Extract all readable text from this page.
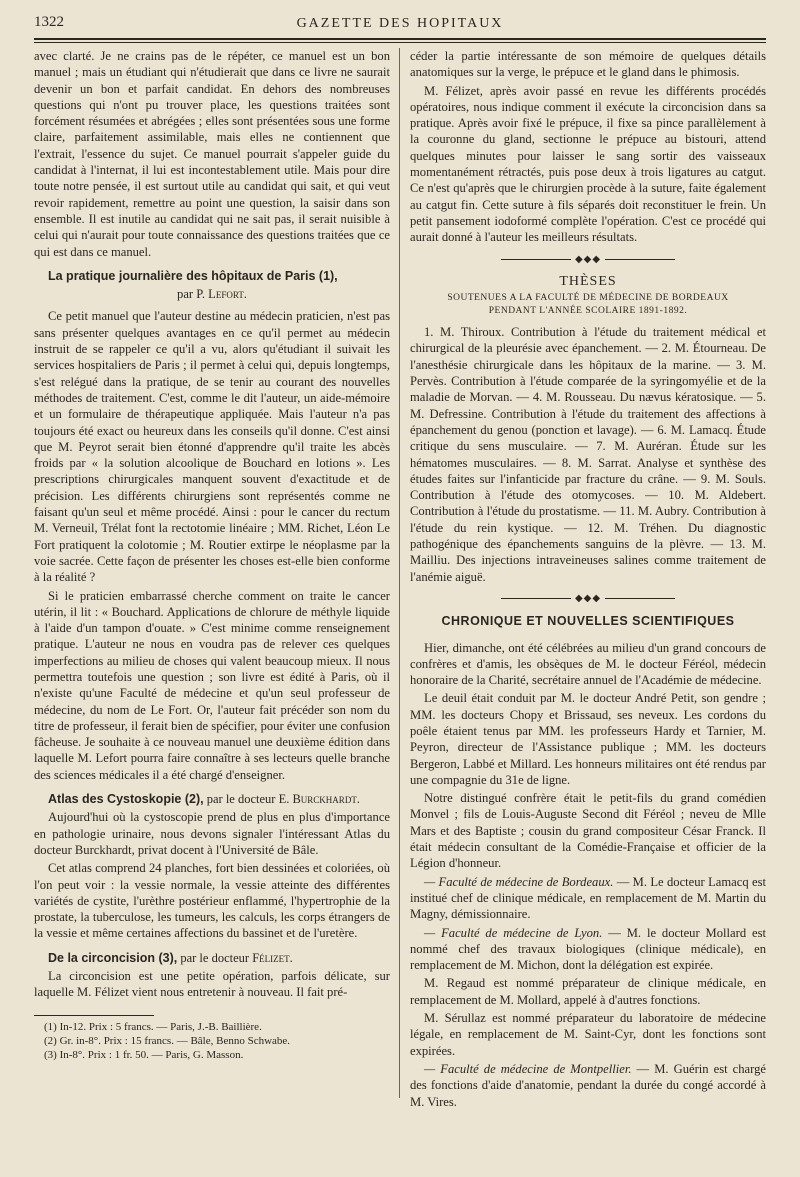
1322	GAZETTE DES HOPITAUX

avec clarté. Je ne crains pas de le répéter, ce manuel est un bon manuel ; mais un étudiant qui n'étudierait que dans ce livre ne saurait devenir un bon et parfait candidat. En dehors des nombreuses questions qui n'ont pu trouver place, les questions traitées sont forcément résumées et abrégées ; elles sont présentées sous une forme claire, parfaitement assimilable, mais elles ne contiennent que l'extrait, l'essence du sujet. Ce manuel pourrait s'appeler guide du candidat à l'internat, il lui est incontestablement utile. Mais pour dire toute notre pensée, il est surtout utile au candidat qui sait, et qui veut revoir rapidement, remettre au point une question, la saisir dans son ensemble. Il est inutile au candidat qui ne sait pas, il serait nuisible à celui qui n'aurait pour toute connaissance des questions traitées que ce qui est dans ce manuel.

La pratique journalière des hôpitaux de Paris (1),
par P. Lefort.

Ce petit manuel que l'auteur destine au médecin praticien, n'est pas sans présenter quelques avantages en ce qu'il permet au médecin instruit de se rappeler ce qu'il a vu, alors qu'étudiant il suivait les services hospitaliers de Paris ; il permet à celui qui, depuis longtemps, s'est relégué dans la pratique, de se tenir au courant des nouvelles méthodes de traitement. C'est, comme le dit l'auteur, un aide-mémoire et un formulaire de thérapeutique appliquée. Mais l'auteur n'a pas toujours été exact ou heureux dans les conseils qu'il donne. C'est ainsi que M. Peyrot serait bien étonné d'apprendre qu'il traite les abcès froids par « la solution alcoolique de Bouchard en lotions ». Les prescriptions chirurgicales manquent souvent d'exactitude et de précision. Les différents chirurgiens sont représentés comme ne faisant qu'un seul et même procédé. Ainsi : pour le cancer du rectum M. Verneuil, Trélat font la rectotomie linéaire ; MM. Richet, Léon Le Fort pratiquent la colotomie ; M. Routier extirpe le néoplasme par la voie sacrée. Cette façon de présenter les choses est-elle bien conforme à la réalité ?

Si le praticien embarrassé cherche comment on traite le cancer utérin, il lit : « Bouchard. Applications de chlorure de méthyle liquide à l'aide d'un tampon d'ouate. » C'est minime comme renseignement pratique. L'auteur ne nous en voudra pas de relever ces quelques imperfections au milieu de choses qui valent beaucoup mieux. Il nous permettra toutefois une question ; son livre est édité à Paris, où il n'existe qu'une Faculté de médecine et qu'un seul professeur de médecine, du nom de Le Fort. Or, l'auteur fait précéder son nom du titre de professeur, il ferait bien de spécifier, pour éviter une confusion fâcheuse. Je souhaite à ce nouveau manuel une deuxième édition dans laquelle M. Lefort pourra faire connaître à ses lecteurs quelle branche des sciences médicales il a été chargé d'enseigner.

Atlas des Cystoskopie (2), par le docteur E. Burckhardt.

Aujourd'hui où la cystoscopie prend de plus en plus d'importance en pathologie urinaire, nous devons signaler l'intéressant Atlas du docteur Burckhardt, privat docent à l'Université de Bâle.

Cet atlas comprend 24 planches, fort bien dessinées et coloriées, où l'on peut voir : la vessie normale, la vessie atteinte des différentes variétés de cystite, l'urèthre postérieur enflammé, l'hypertrophie de la prostate, la tuberculose, les tumeurs, les calculs, les corps étrangers de la vessie et même certaines affections du bassinet et de l'uretère.

De la circoncision (3), par le docteur Félizet.

La circoncision est une petite opération, parfois délicate, sur laquelle M. Félizet vient nous entretenir à nouveau. Il fait pré-

(1) In-12. Prix : 5 francs. — Paris, J.-B. Baillière.

(2) Gr. in-8°. Prix : 15 francs. — Bâle, Benno Schwabe.

(3) In-8°. Prix : 1 fr. 50. — Paris, G. Masson.

céder la partie intéressante de son mémoire de quelques détails anatomiques sur la verge, le prépuce et le gland dans le phimosis.

M. Félizet, après avoir passé en revue les différents procédés opératoires, nous indique comment il exécute la circoncision dans sa pratique. Après avoir fixé le prépuce, il fixe sa pince parallèlement à la couronne du gland, sectionne le prépuce au bistouri, attend quelques minutes pour laisser le sang sortir des vaisseaux momentanément rétractés, puis pose deux à trois ligatures au catgut. Ce n'est qu'après que le chirurgien procède à la suture, faite également au catgut fin. Cette suture à fils séparés doit reconstituer le frein. Un petit pansement iodoformé complète l'opération. C'est ce procédé qui aurait donné à l'auteur les meilleurs résultats.

◆◆◆
THÈSES
SOUTENUES A LA FACULTÉ DE MÉDECINE DE BORDEAUX
PENDANT L'ANNÉE SCOLAIRE 1891-1892.

1. M. Thiroux. Contribution à l'étude du traitement médical et chirurgical de la pleurésie avec épanchement. — 2. M. Étourneau. De l'anesthésie chirurgicale dans les hôpitaux de la marine. — 3. M. Pervès. Contribution à l'étude comparée de la syringomyélie et de la maladie de Morvan. — 4. M. Rousseau. Du nævus kératosique. — 5. M. Defressine. Contribution à l'étude du traitement des affections à épanchement du genou (ponction et lavage). — 6. M. Lamacq. Étude critique du sens musculaire. — 7. M. Auréгan. Étude sur les hématomes musculaires. — 8. M. Sarrat. Analyse et synthèse des études faites sur l'infanticide par fracture du crâne. — 9. M. Souls. Contribution à l'étude des otomycoses. — 10. M. Aldebert. Contribution à l'étude du prostatisme. — 11. M. Aubry. Contribution à l'étude du rein kystique. — 12. M. Tréhen. Du diagnostic pathogénique des épanchements sanguins de la plèvre. — 13. M. Mailliu. Des injections intraveineuses salines comme traitement de l'anémie aiguë.

◆◆◆
CHRONIQUE ET NOUVELLES SCIENTIFIQUES

Hier, dimanche, ont été célébrées au milieu d'un grand concours de confrères et d'amis, les obsèques de M. le docteur Féréol, médecin honoraire de la Charité, secrétaire annuel de l'Académie de médecine.

Le deuil était conduit par M. le docteur André Petit, son gendre ; MM. les docteurs Chopy et Brissaud, ses neveux. Les cordons du poêle étaient tenus par MM. les professeurs Hardy et Tarnier, M. Peyron, directeur de l'Assistance publique ; MM. les docteurs Bergeron, Labbé et Millard. Les honneurs militaires ont été rendus par une compagnie du 31e de ligne.

Notre distingué confrère était le petit-fils du grand comédien Monvel ; fils de Louis-Auguste Second dit Féréol ; neveu de Mlle Mars et des Baptiste ; cousin du grand compositeur César Franck. Il était médecin consultant de la Comédie-Française et officier de la Légion d'honneur.

— Faculté de médecine de Bordeaux. — M. Le docteur Lamacq est institué chef de clinique médicale, en remplacement de M. Martin du Magny, démissionnaire.

— Faculté de médecine de Lyon. — M. le docteur Mollard est nommé chef des travaux biologiques (clinique médicale), en remplacement de M. Michon, dont la délégation est expirée.

M. Regaud est nommé préparateur de clinique médicale, en remplacement de M. Mollard, appelé à d'autres fonctions.

M. Sérullaz est nommé préparateur du laboratoire de médecine légale, en remplacement de M. Saint-Cyr, dont les fonctions sont expirées.

— Faculté de médecine de Montpellier. — M. Guérin est chargé des fonctions d'aide d'anatomie, pendant la durée du congé accordé à M. Vires.
